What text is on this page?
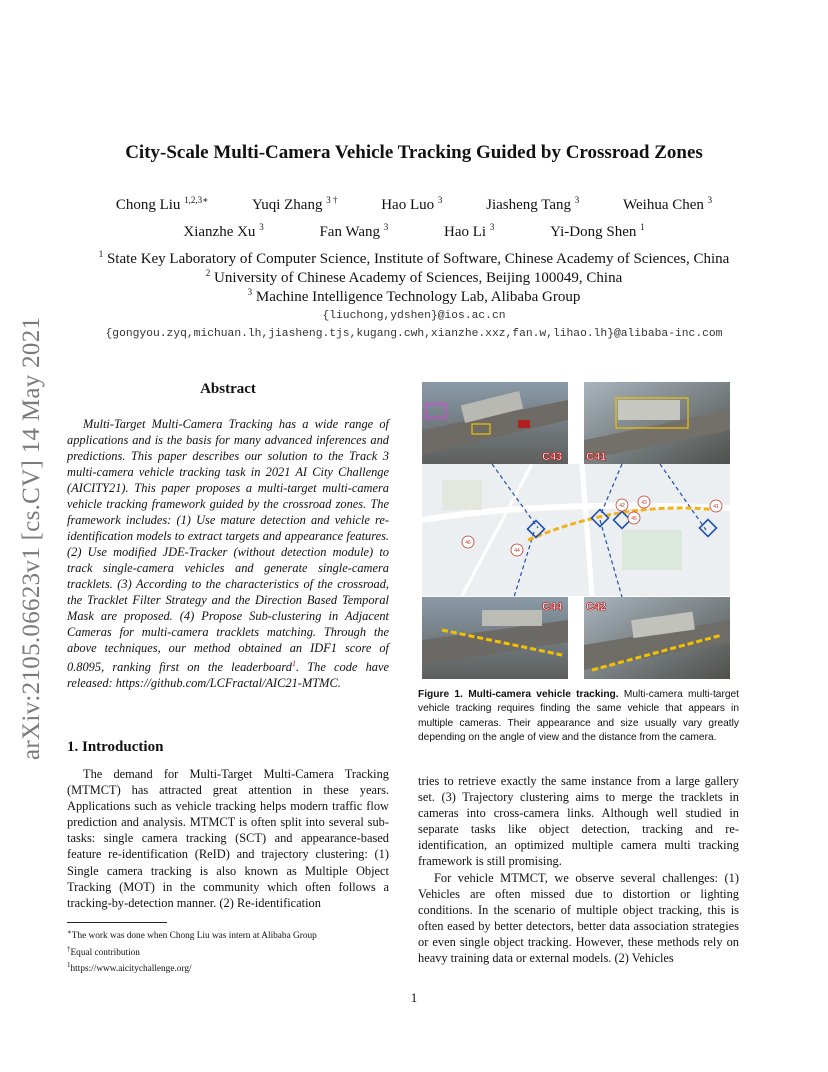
arXiv:2105.06623v1 [cs.CV] 14 May 2021
City-Scale Multi-Camera Vehicle Tracking Guided by Crossroad Zones
Chong Liu $^{1,2,3∗}$	Yuqi Zhang $^{3 \dagger}$	Hao Luo $^3$	Jiasheng Tang $^3$	Weihua Chen $^3$
Xianzhe Xu $^3$	Fan Wang $^3$	Hao Li $^3$	Yi-Dong Shen $^1$
$^1$ State Key Laboratory of Computer Science, Institute of Software, Chinese Academy of Sciences, China
$^2$ University of Chinese Academy of Sciences, Beijing 100049, China
$^3$ Machine Intelligence Technology Lab, Alibaba Group
{liuchong,ydshen}@ios.ac.cn
{gongyou.zyq,michuan.lh,jiasheng.tjs,kugang.cwh,xianzhe.xxz,fan.w,lihao.lh}@alibaba-inc.com
Abstract

Multi-Target Multi-Camera Tracking has a wide range of applications and is the basis for many advanced inferences and predictions. This paper describes our solution to the Track 3 multi-camera vehicle tracking task in 2021 AI City Challenge (AICITY21). This paper proposes a multi-target multi-camera vehicle tracking framework guided by the crossroad zones. The framework includes: (1) Use mature detection and vehicle re-identification models to extract targets and appearance features. (2) Use modified JDE-Tracker (without detection module) to track single-camera vehicles and generate single-camera tracklets. (3) According to the characteristics of the crossroad, the Tracklet Filter Strategy and the Direction Based Temporal Mask are proposed. (4) Propose Sub-clustering in Adjacent Cameras for multi-camera tracklets matching. Through the above techniques, our method obtained an IDF1 score of 0.8095, ranking first on the leaderboard$^1$. The code have released: https://github.com/LCFractal/AIC21-MTMC.

1. Introduction

The demand for Multi-Target Multi-Camera Tracking (MTMCT) has attracted great attention in these years. Applications such as vehicle tracking helps modern traffic flow prediction and analysis. MTMCT is often split into several sub-tasks: single camera tracking (SCT) and appearance-based feature re-identification (ReID) and trajectory clustering: (1) Single camera tracking is also known as Multiple Object Tracking (MOT) in the community which often follows a tracking-by-detection manner. (2) Re-identification

∗The work was done when Chong Liu was intern at Alibaba Group
†Equal contribution
$^1$https://www.aicitychallenge.org/
C43 C41
C44 C42
46
44
42	43
41
45
Figure 1. Multi-camera vehicle tracking. Multi-camera multi-target vehicle tracking requires finding the same vehicle that appears in multiple cameras. Their appearance and size usually vary greatly depending on the angle of view and the distance from the camera.

tries to retrieve exactly the same instance from a large gallery set. (3) Trajectory clustering aims to merge the tracklets in cameras into cross-camera links. Although well studied in separate tasks like object detection, tracking and re-identification, an optimized multiple camera multi tracking framework is still promising.

For vehicle MTMCT, we observe several challenges: (1) Vehicles are often missed due to distortion or lighting conditions. In the scenario of multiple object tracking, this is often eased by better detectors, better data association strategies or even single object tracking. However, these methods rely on heavy training data or external models. (2) Vehicles

1
